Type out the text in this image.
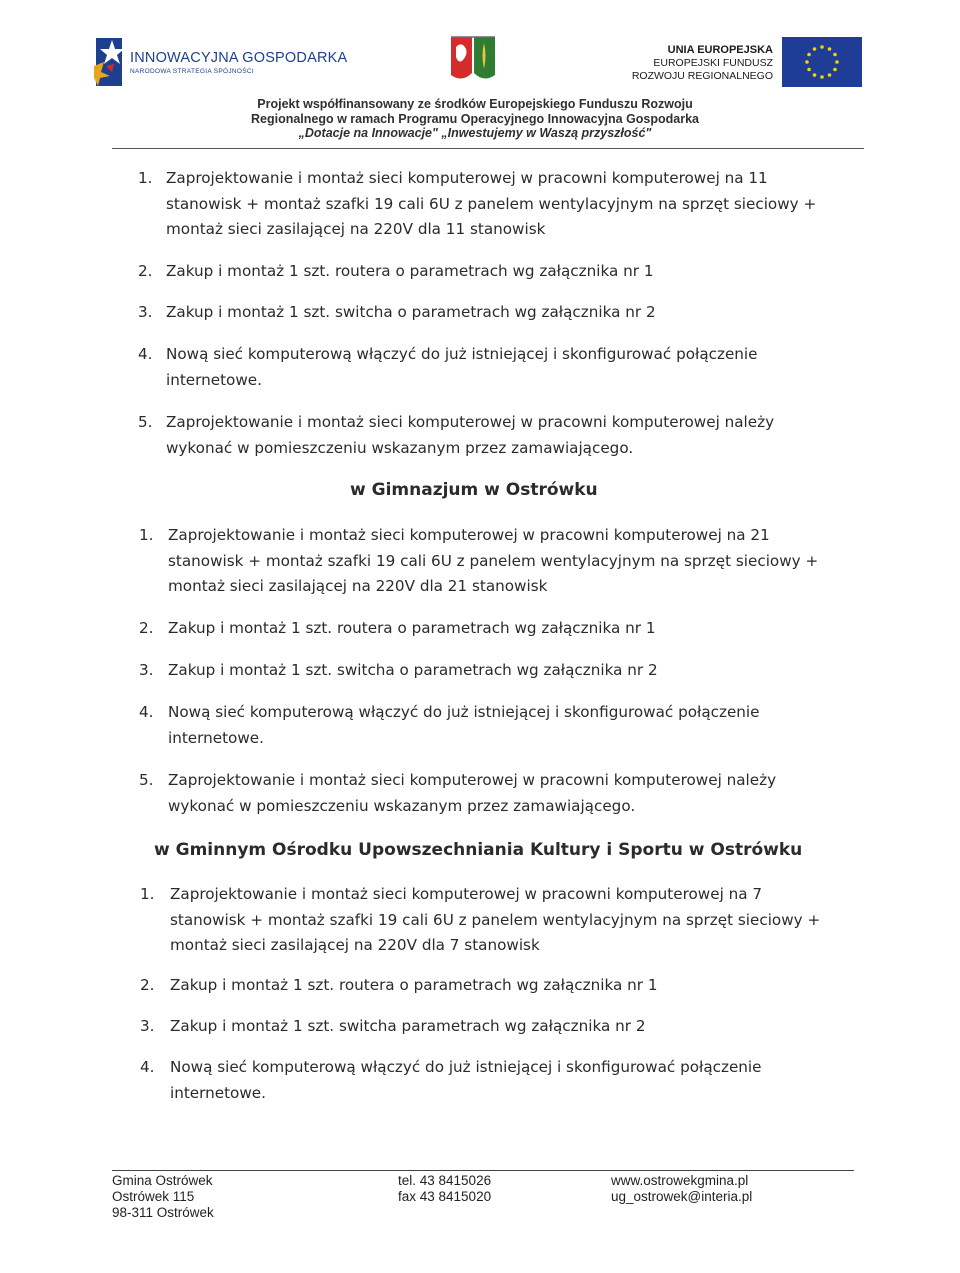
INNOWACYJNA GOSPODARKA
NARODOWA STRATEGIA SPÓJNOŚCI
UNIA EUROPEJSKA
EUROPEJSKI FUNDUSZ
ROZWOJU REGIONALNEGO
Projekt współfinansowany ze środków Europejskiego Funduszu Rozwoju
Regionalnego w ramach Programu Operacyjnego Innowacyjna Gospodarka
„Dotacje na Innowacje" „Inwestujemy w Waszą przyszłość"
1. Zaprojektowanie i montaż sieci komputerowej w pracowni komputerowej na 11
stanowisk + montaż szafki 19 cali 6U z panelem wentylacyjnym na sprzęt sieciowy +
montaż sieci zasilającej na 220V dla 11 stanowisk
2. Zakup i montaż 1 szt. routera o parametrach wg załącznika nr 1
3. Zakup i montaż 1 szt. switcha o parametrach wg załącznika nr 2
4. Nową sieć komputerową włączyć do już istniejącej i skonfigurować połączenie
internetowe.
5. Zaprojektowanie i montaż sieci komputerowej w pracowni komputerowej należy
wykonać w pomieszczeniu wskazanym przez zamawiającego.
w Gimnazjum w Ostrówku
1. Zaprojektowanie i montaż sieci komputerowej w pracowni komputerowej na 21
stanowisk + montaż szafki 19 cali 6U z panelem wentylacyjnym na sprzęt sieciowy +
montaż sieci zasilającej na 220V dla 21 stanowisk
2. Zakup i montaż 1 szt. routera o parametrach wg załącznika nr 1
3. Zakup i montaż 1 szt. switcha o parametrach wg załącznika nr 2
4. Nową sieć komputerową włączyć do już istniejącej i skonfigurować połączenie
internetowe.
5. Zaprojektowanie i montaż sieci komputerowej w pracowni komputerowej należy
wykonać w pomieszczeniu wskazanym przez zamawiającego.
w Gminnym Ośrodku Upowszechniania Kultury i Sportu w Ostrówku
1. Zaprojektowanie i montaż sieci komputerowej w pracowni komputerowej na 7
stanowisk + montaż szafki 19 cali 6U z panelem wentylacyjnym na sprzęt sieciowy +
montaż sieci zasilającej na 220V dla 7 stanowisk
2. Zakup i montaż 1 szt. routera o parametrach wg załącznika nr 1
3. Zakup i montaż 1 szt. switcha parametrach wg załącznika nr 2
4. Nową sieć komputerową włączyć do już istniejącej i skonfigurować połączenie
internetowe.
Gmina Ostrówek
Ostrówek 115
98-311 Ostrówek
tel. 43 8415026
fax 43 8415020
www.ostrowekgmina.pl
ug_ostrowek@interia.pl
